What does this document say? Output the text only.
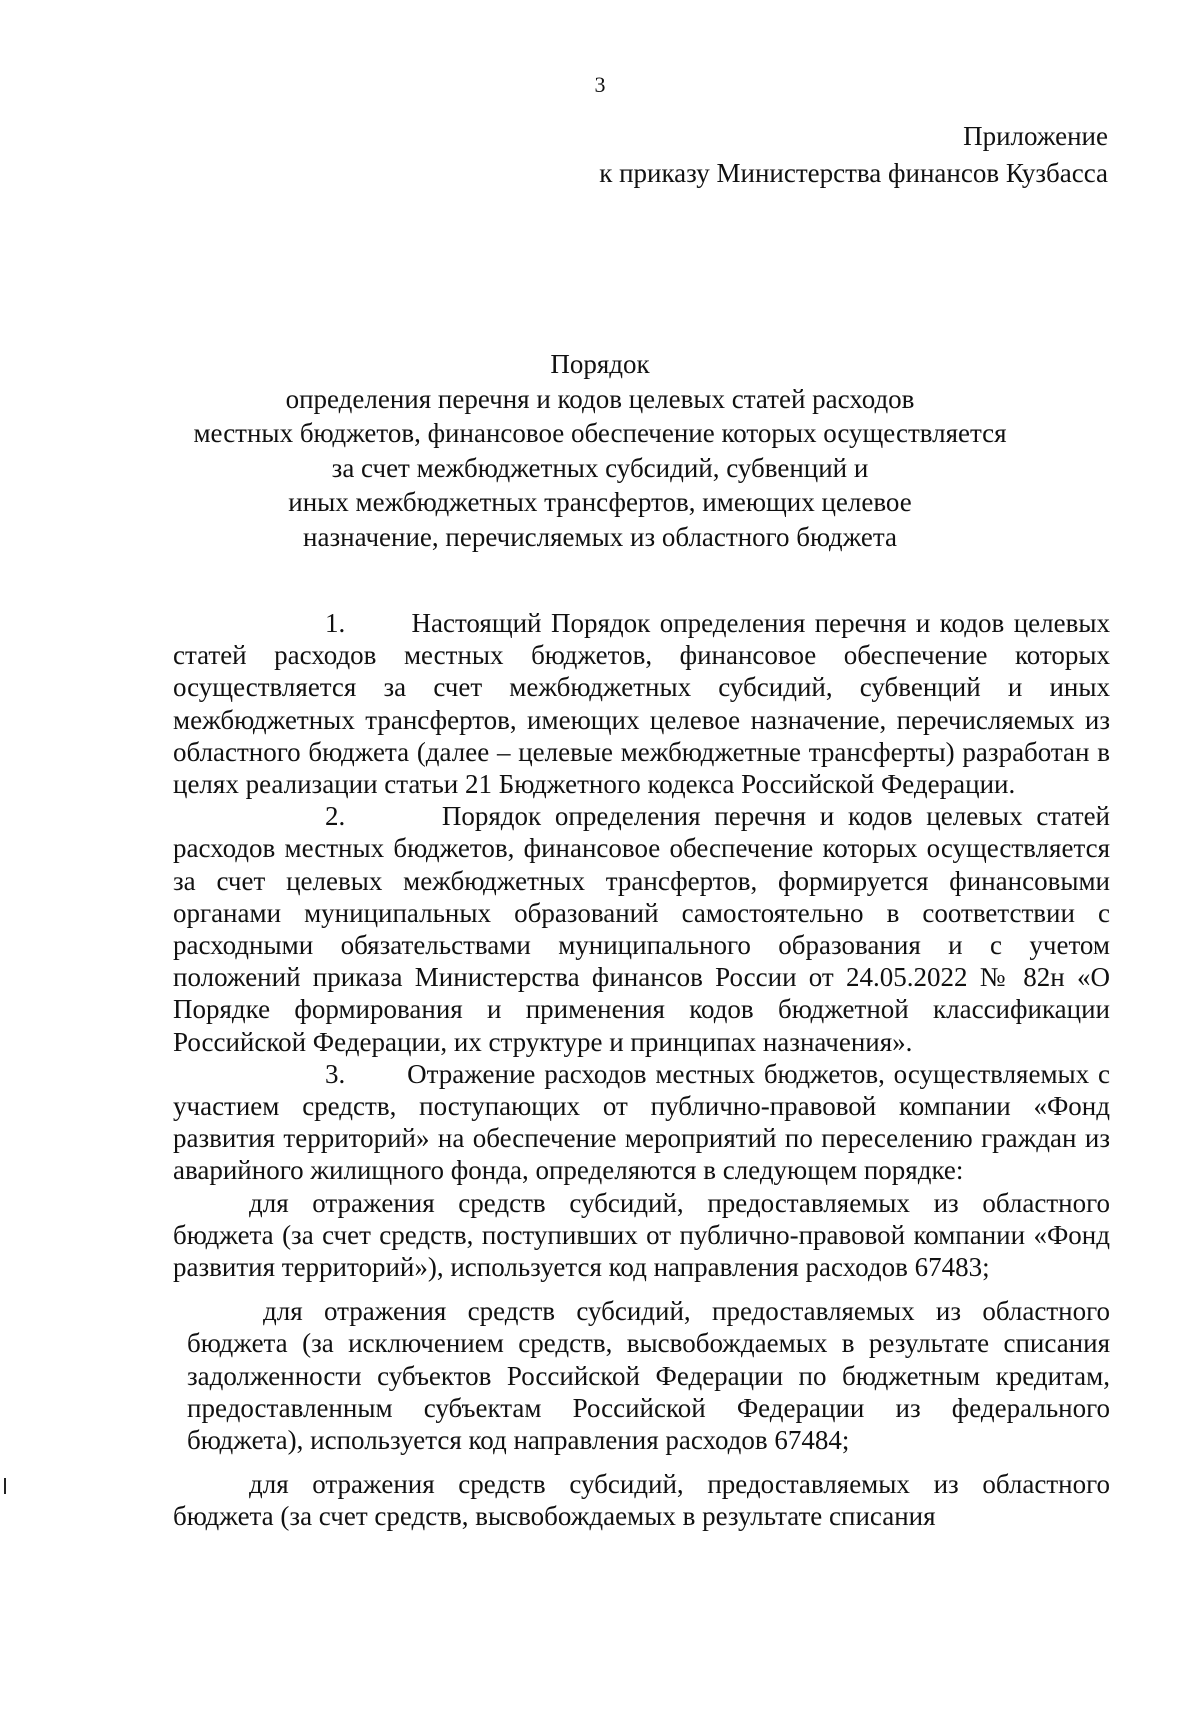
3
Приложение
к приказу Министерства финансов Кузбасса
Порядок
определения перечня и кодов целевых статей расходов
местных бюджетов, финансовое обеспечение которых осуществляется
за счет межбюджетных субсидий, субвенций и
иных межбюджетных трансфертов, имеющих целевое
назначение, перечисляемых из областного бюджета

1. Настоящий Порядок определения перечня и кодов целевых статей расходов местных бюджетов, финансовое обеспечение которых осуществляется за счет межбюджетных субсидий, субвенций и иных межбюджетных трансфертов, имеющих целевое назначение, перечисляемых из областного бюджета (далее – целевые межбюджетные трансферты) разработан в целях реализации статьи 21 Бюджетного кодекса Российской Федерации.

2.	Порядок определения перечня и кодов целевых статей расходов местных бюджетов, финансовое обеспечение которых осуществляется за счет целевых межбюджетных трансфертов, формируется финансовыми органами муниципальных образований самостоятельно в соответствии с расходными обязательствами муниципального образования и с учетом положений приказа Министерства финансов России от 24.05.2022 № 82н «О Порядке формирования и применения кодов бюджетной классификации Российской Федерации, их структуре и принципах назначения».

3. Отражение расходов местных бюджетов, осуществляемых с участием средств, поступающих от публично-правовой компании «Фонд развития территорий» на обеспечение мероприятий по переселению граждан из аварийного жилищного фонда, определяются в следующем порядке:

для отражения средств субсидий, предоставляемых из областного бюджета (за счет средств, поступивших от публично-правовой компании «Фонд развития территорий»), используется код направления расходов 67483;

для отражения средств субсидий, предоставляемых из областного бюджета (за исключением средств, высвобождаемых в результате списания задолженности субъектов Российской Федерации по бюджетным кредитам, предоставленным субъектам Российской Федерации из федерального бюджета), используется код направления расходов 67484;

для отражения средств субсидий, предоставляемых из областного бюджета (за счет средств, высвобождаемых в результате списания
